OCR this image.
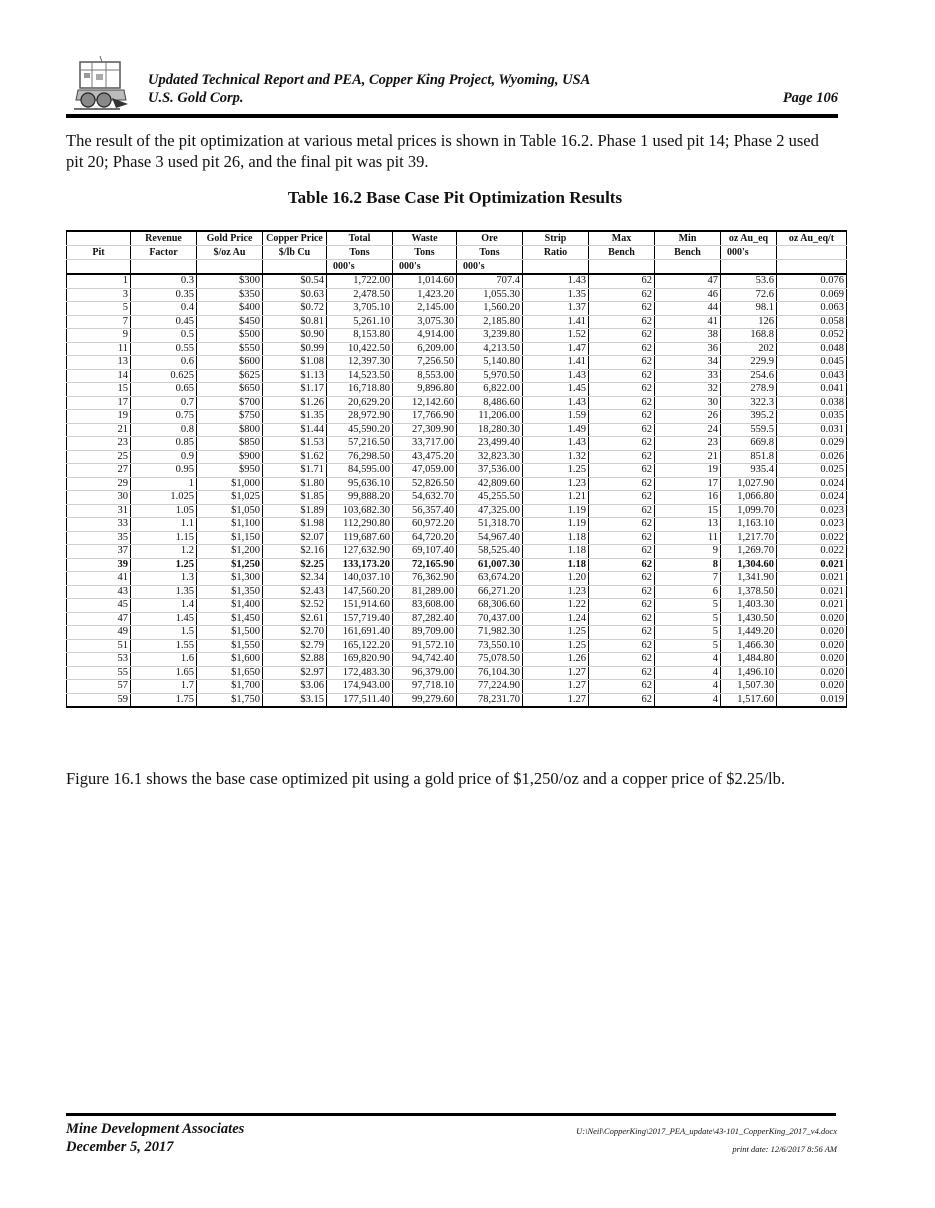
Updated Technical Report and PEA, Copper King Project, Wyoming, USA
U.S. Gold Corp.	Page 106

The result of the pit optimization at various metal prices is shown in Table 16.2. Phase 1 used pit 14; Phase 2 used pit 20; Phase 3 used pit 26, and the final pit was pit 39.

Table 16.2 Base Case Pit Optimization Results
	Revenue	Gold Price	Copper Price	Total	Waste	Ore	Strip	Max	Min	oz Au_eq	oz Au_eq/t
Pit	Factor	$/oz Au	$/lb Cu	Tons	Tons	Tons	Ratio	Bench	Bench	000's	
				000's	000's	000's					
1	0.3	$300	$0.54	1,722.00	1,014.60	707.4	1.43	62	47	53.6	0.076
3	0.35	$350	$0.63	2,478.50	1,423.20	1,055.30	1.35	62	46	72.6	0.069
5	0.4	$400	$0.72	3,705.10	2,145.00	1,560.20	1.37	62	44	98.1	0.063
7	0.45	$450	$0.81	5,261.10	3,075.30	2,185.80	1.41	62	41	126	0.058
9	0.5	$500	$0.90	8,153.80	4,914.00	3,239.80	1.52	62	38	168.8	0.052
11	0.55	$550	$0.99	10,422.50	6,209.00	4,213.50	1.47	62	36	202	0.048
13	0.6	$600	$1.08	12,397.30	7,256.50	5,140.80	1.41	62	34	229.9	0.045
14	0.625	$625	$1.13	14,523.50	8,553.00	5,970.50	1.43	62	33	254.6	0.043
15	0.65	$650	$1.17	16,718.80	9,896.80	6,822.00	1.45	62	32	278.9	0.041
17	0.7	$700	$1.26	20,629.20	12,142.60	8,486.60	1.43	62	30	322.3	0.038
19	0.75	$750	$1.35	28,972.90	17,766.90	11,206.00	1.59	62	26	395.2	0.035
21	0.8	$800	$1.44	45,590.20	27,309.90	18,280.30	1.49	62	24	559.5	0.031
23	0.85	$850	$1.53	57,216.50	33,717.00	23,499.40	1.43	62	23	669.8	0.029
25	0.9	$900	$1.62	76,298.50	43,475.20	32,823.30	1.32	62	21	851.8	0.026
27	0.95	$950	$1.71	84,595.00	47,059.00	37,536.00	1.25	62	19	935.4	0.025
29	1	$1,000	$1.80	95,636.10	52,826.50	42,809.60	1.23	62	17	1,027.90	0.024
30	1.025	$1,025	$1.85	99,888.20	54,632.70	45,255.50	1.21	62	16	1,066.80	0.024
31	1.05	$1,050	$1.89	103,682.30	56,357.40	47,325.00	1.19	62	15	1,099.70	0.023
33	1.1	$1,100	$1.98	112,290.80	60,972.20	51,318.70	1.19	62	13	1,163.10	0.023
35	1.15	$1,150	$2.07	119,687.60	64,720.20	54,967.40	1.18	62	11	1,217.70	0.022
37	1.2	$1,200	$2.16	127,632.90	69,107.40	58,525.40	1.18	62	9	1,269.70	0.022
39	1.25	$1,250	$2.25	133,173.20	72,165.90	61,007.30	1.18	62	8	1,304.60	0.021
41	1.3	$1,300	$2.34	140,037.10	76,362.90	63,674.20	1.20	62	7	1,341.90	0.021
43	1.35	$1,350	$2.43	147,560.20	81,289.00	66,271.20	1.23	62	6	1,378.50	0.021
45	1.4	$1,400	$2.52	151,914.60	83,608.00	68,306.60	1.22	62	5	1,403.30	0.021
47	1.45	$1,450	$2.61	157,719.40	87,282.40	70,437.00	1.24	62	5	1,430.50	0.020
49	1.5	$1,500	$2.70	161,691.40	89,709.00	71,982.30	1.25	62	5	1,449.20	0.020
51	1.55	$1,550	$2.79	165,122.20	91,572.10	73,550.10	1.25	62	5	1,466.30	0.020
53	1.6	$1,600	$2.88	169,820.90	94,742.40	75,078.50	1.26	62	4	1,484.80	0.020
55	1.65	$1,650	$2.97	172,483.30	96,379.00	76,104.30	1.27	62	4	1,496.10	0.020
57	1.7	$1,700	$3.06	174,943.00	97,718.10	77,224.90	1.27	62	4	1,507.30	0.020
59	1.75	$1,750	$3.15	177,511.40	99,279.60	78,231.70	1.27	62	4	1,517.60	0.019

Figure 16.1 shows the base case optimized pit using a gold price of $1,250/oz and a copper price of $2.25/lb.

Mine Development Associates
December 5, 2017
U:\Neil\CopperKing\2017_PEA_update\43-101_CopperKing_2017_v4.docx
print date: 12/6/2017 8:56 AM
